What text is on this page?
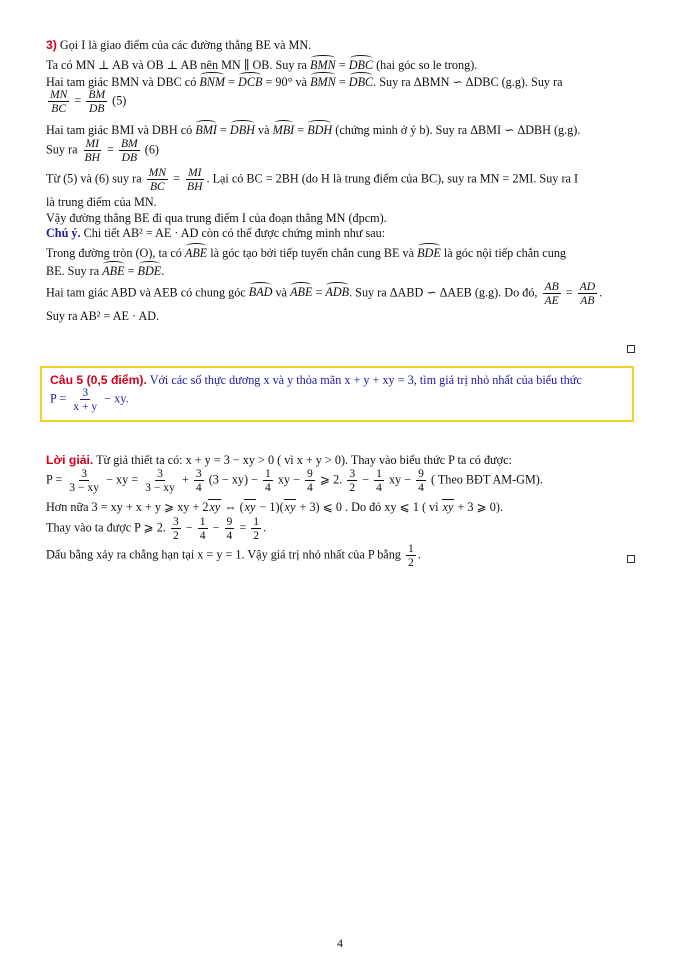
3) Gọi I là giao điểm của các đường thẳng BE và MN.
Ta có MN ⊥ AB và OB ⊥ AB nên MN ∥ OB. Suy ra BMN = DBC (hai góc so le trong).
Hai tam giác BMN và DBC có BNM = DCB = 90° và BMN = DBC. Suy ra ΔBMN ∽ ΔDBC (g.g). Suy ra
$\frac{MN}{BC} = \frac{BM}{DB} (5)$
Hai tam giác BMI và DBH có BMI = DBH và MBI = BDH (chứng minh ở ý b). Suy ra ΔBMI ∽ ΔDBH (g.g).
Suy ra $\frac{MI}{BH} = \frac{BM}{DB} (6)$
Từ (5) và (6) suy ra $\frac{MN}{BC} = \frac{MI}{BH}$ . Lại có BC = 2BH (do H là trung điểm của BC), suy ra MN = 2MI. Suy ra I
là trung điểm của MN.
Vậy đường thẳng BE đi qua trung điểm I của đoạn thẳng MN (đpcm).
Chú ý. Chi tiết AB² = AE · AD còn có thể được chứng minh như sau:
Trong đường tròn (O), ta có ABE là góc tạo bởi tiếp tuyến chắn cung BE và BDE là góc nội tiếp chắn cung
BE. Suy ra ABE = BDE.
Hai tam giác ABD và AEB có chung góc BAD và ABE = ADB. Suy ra ΔABD ∽ ΔAEB (g.g). Do đó, $\frac{AB}{AE} = \frac{AD}{AB}$ .
Suy ra AB² = AE · AD.
Câu 5 (0,5 điểm). Với các số thực dương x và y thỏa mãn x + y + xy = 3, tìm giá trị nhỏ nhất của biểu thức
$P = \frac{3}{x + y}$ − xy.
Lời giải. Từ giả thiết ta có: x + y = 3 − xy > 0 ( vì x + y > 0). Thay vào biểu thức P ta có được:
$P = \frac{3}{3 - xy}$ − xy = $\frac{3}{3 - xy} + \frac{3}{4} (3 - xy) - \frac{1}{4}$ xy − $\frac{9}{4}$ ⩾ 2. $\frac{3}{2} - \frac{1}{4}$ xy − $\frac{9}{4}$ ( Theo BĐT AM-GM).
Hơn nữa 3 = xy + x + y ⩾ xy + 2xy ⇔ (xy − 1)(xy + 3) ⩽ 0 . Do đó xy ⩽ 1 ( vì xy + 3 ⩾ 0).
Thay vào ta được P ⩾ 2. $\frac{3}{2} - \frac{1}{4} - \frac{9}{4} = \frac{1}{2}$ .
Dấu bằng xảy ra chẳng hạn tại x = y = 1. Vậy giá trị nhỏ nhất của P bằng $\frac{1}{2}$ .
4
